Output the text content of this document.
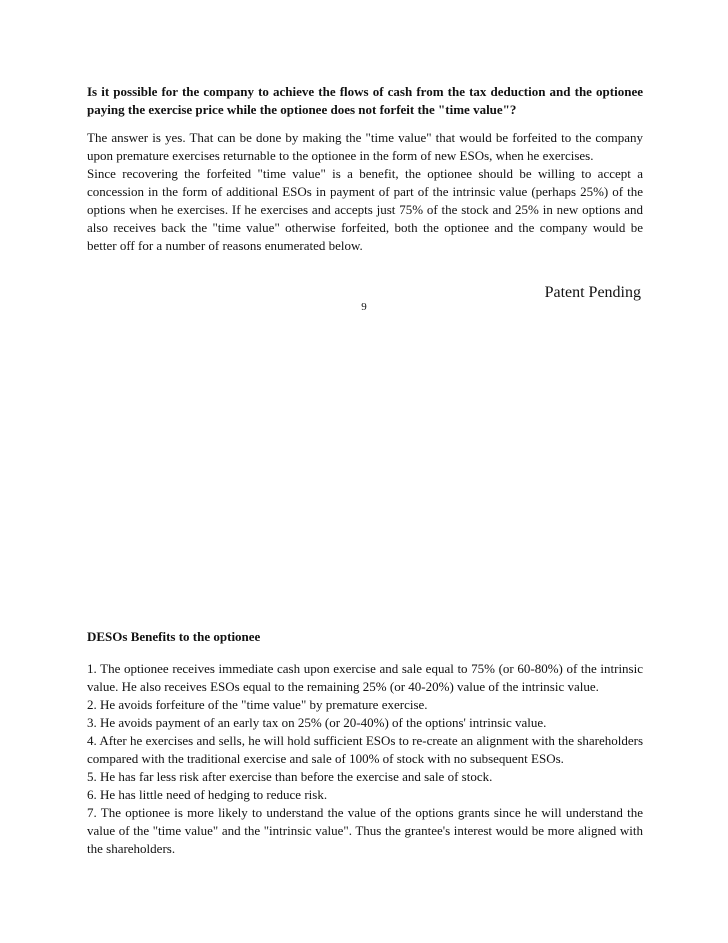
Is it possible for the company to achieve the flows of cash from the tax deduction and the optionee paying the exercise price while the optionee does not forfeit the "time value"?

The answer is yes. That can be done by making the "time value" that would be forfeited to the company upon premature exercises returnable to the optionee in the form of new ESOs, when he exercises.

Since recovering the forfeited "time value" is a benefit, the optionee should be willing to accept a concession in the form of additional ESOs in payment of part of the intrinsic value (perhaps 25%) of the options when he exercises. If he exercises and accepts just 75% of the stock and 25% in new options and also receives back the "time value" otherwise forfeited, both the optionee and the company would be better off for a number of reasons enumerated below.

Patent Pending
9
DESOs Benefits to the optionee

1. The optionee receives immediate cash upon exercise and sale equal to 75% (or 60-80%) of the intrinsic value. He also receives ESOs equal to the remaining 25% (or 40-20%) value of the intrinsic value.

2. He avoids forfeiture of the "time value" by premature exercise.

3. He avoids payment of an early tax on 25% (or 20-40%) of the options' intrinsic value.

4. After he exercises and sells, he will hold sufficient ESOs to re-create an alignment with the shareholders compared with the traditional exercise and sale of 100% of stock with no subsequent ESOs.

5. He has far less risk after exercise than before the exercise and sale of stock.

6. He has little need of hedging to reduce risk.

7. The optionee is more likely to understand the value of the options grants since he will understand the value of the "time value" and the "intrinsic value". Thus the grantee's interest would be more aligned with the shareholders.
